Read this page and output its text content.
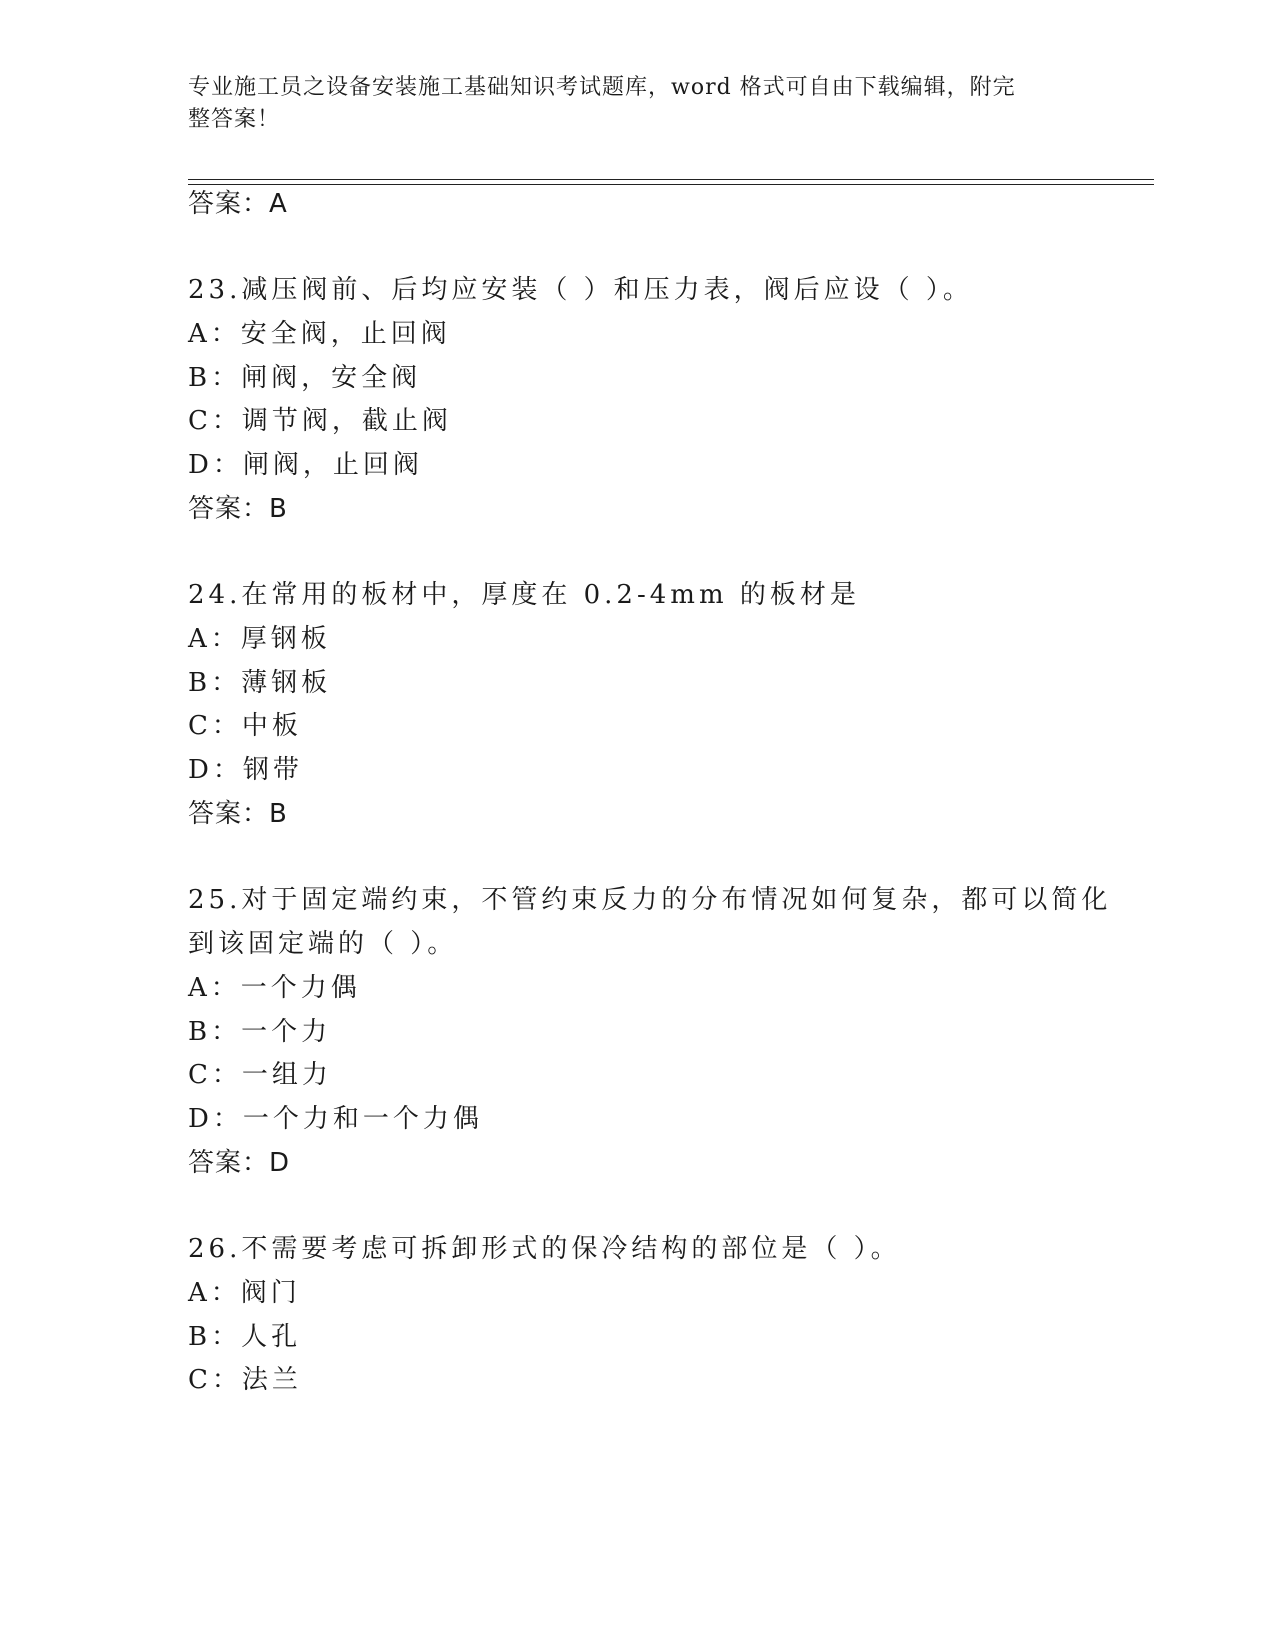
专业施工员之设备安装施工基础知识考试题库，word 格式可自由下载编辑，附完
整答案！
答案：A
23.减压阀前、后均应安装（ ）和压力表，阀后应设（ ）。
A：安全阀，止回阀
B：闸阀，安全阀
C：调节阀，截止阀
D：闸阀，止回阀
答案：B
24.在常用的板材中，厚度在 0.2-4mm 的板材是
A：厚钢板
B：薄钢板
C：中板
D：钢带
答案：B
25.对于固定端约束，不管约束反力的分布情况如何复杂，都可以简化
到该固定端的（ ）。
A：一个力偶
B：一个力
C：一组力
D：一个力和一个力偶
答案：D
26.不需要考虑可拆卸形式的保冷结构的部位是（ ）。
A：阀门
B：人孔
C：法兰
